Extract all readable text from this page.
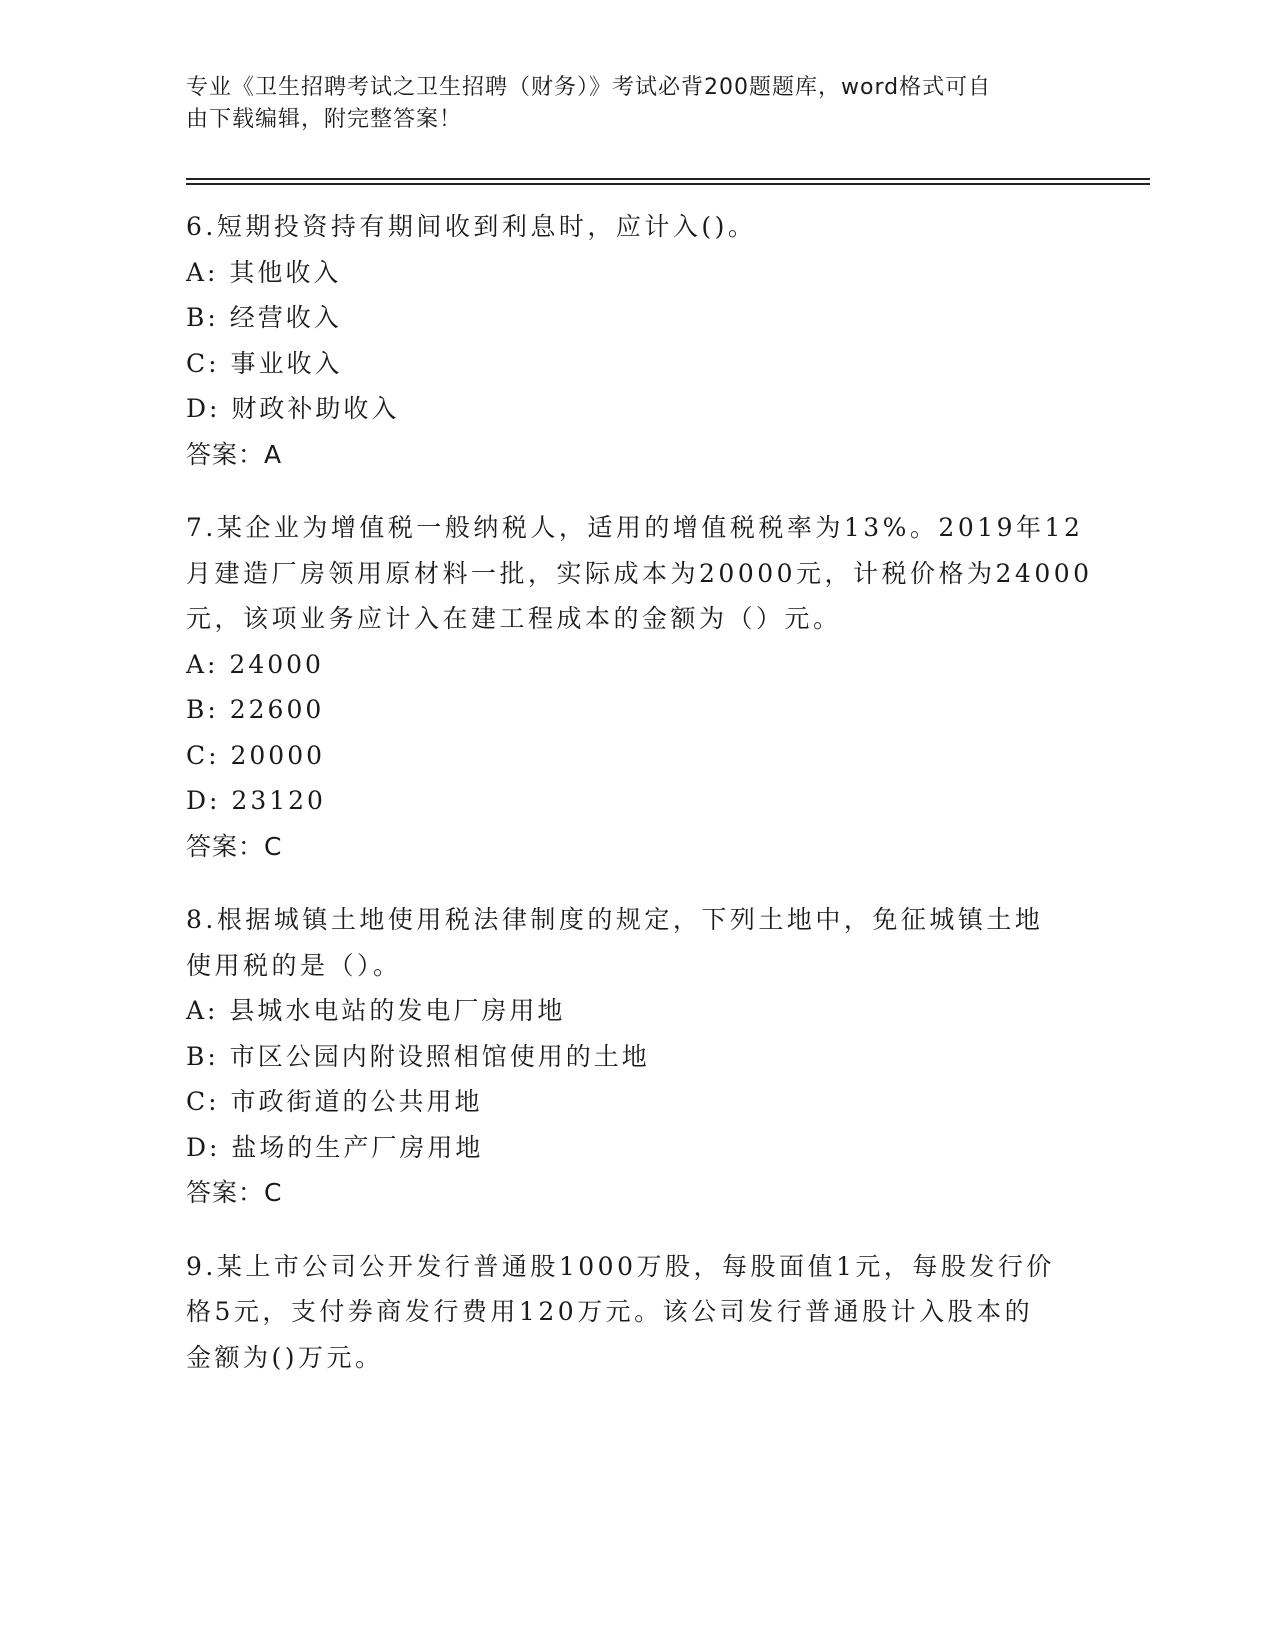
专业《卫生招聘考试之卫生招聘（财务）》考试必背200题题库，word格式可自
由下载编辑，附完整答案！
6.短期投资持有期间收到利息时，应计入()。
A: 其他收入
B: 经营收入
C: 事业收入
D: 财政补助收入
答案：A
7.某企业为增值税一般纳税人，适用的增值税税率为13%。2019年12
月建造厂房领用原材料一批，实际成本为20000元，计税价格为24000
元，该项业务应计入在建工程成本的金额为（）元。
A: 24000
B: 22600
C: 20000
D: 23120
答案：C
8.根据城镇土地使用税法律制度的规定，下列土地中，免征城镇土地
使用税的是（）。
A: 县城水电站的发电厂房用地
B: 市区公园内附设照相馆使用的土地
C: 市政街道的公共用地
D: 盐场的生产厂房用地
答案：C
9.某上市公司公开发行普通股1000万股，每股面值1元，每股发行价
格5元，支付券商发行费用120万元。该公司发行普通股计入股本的
金额为()万元。
